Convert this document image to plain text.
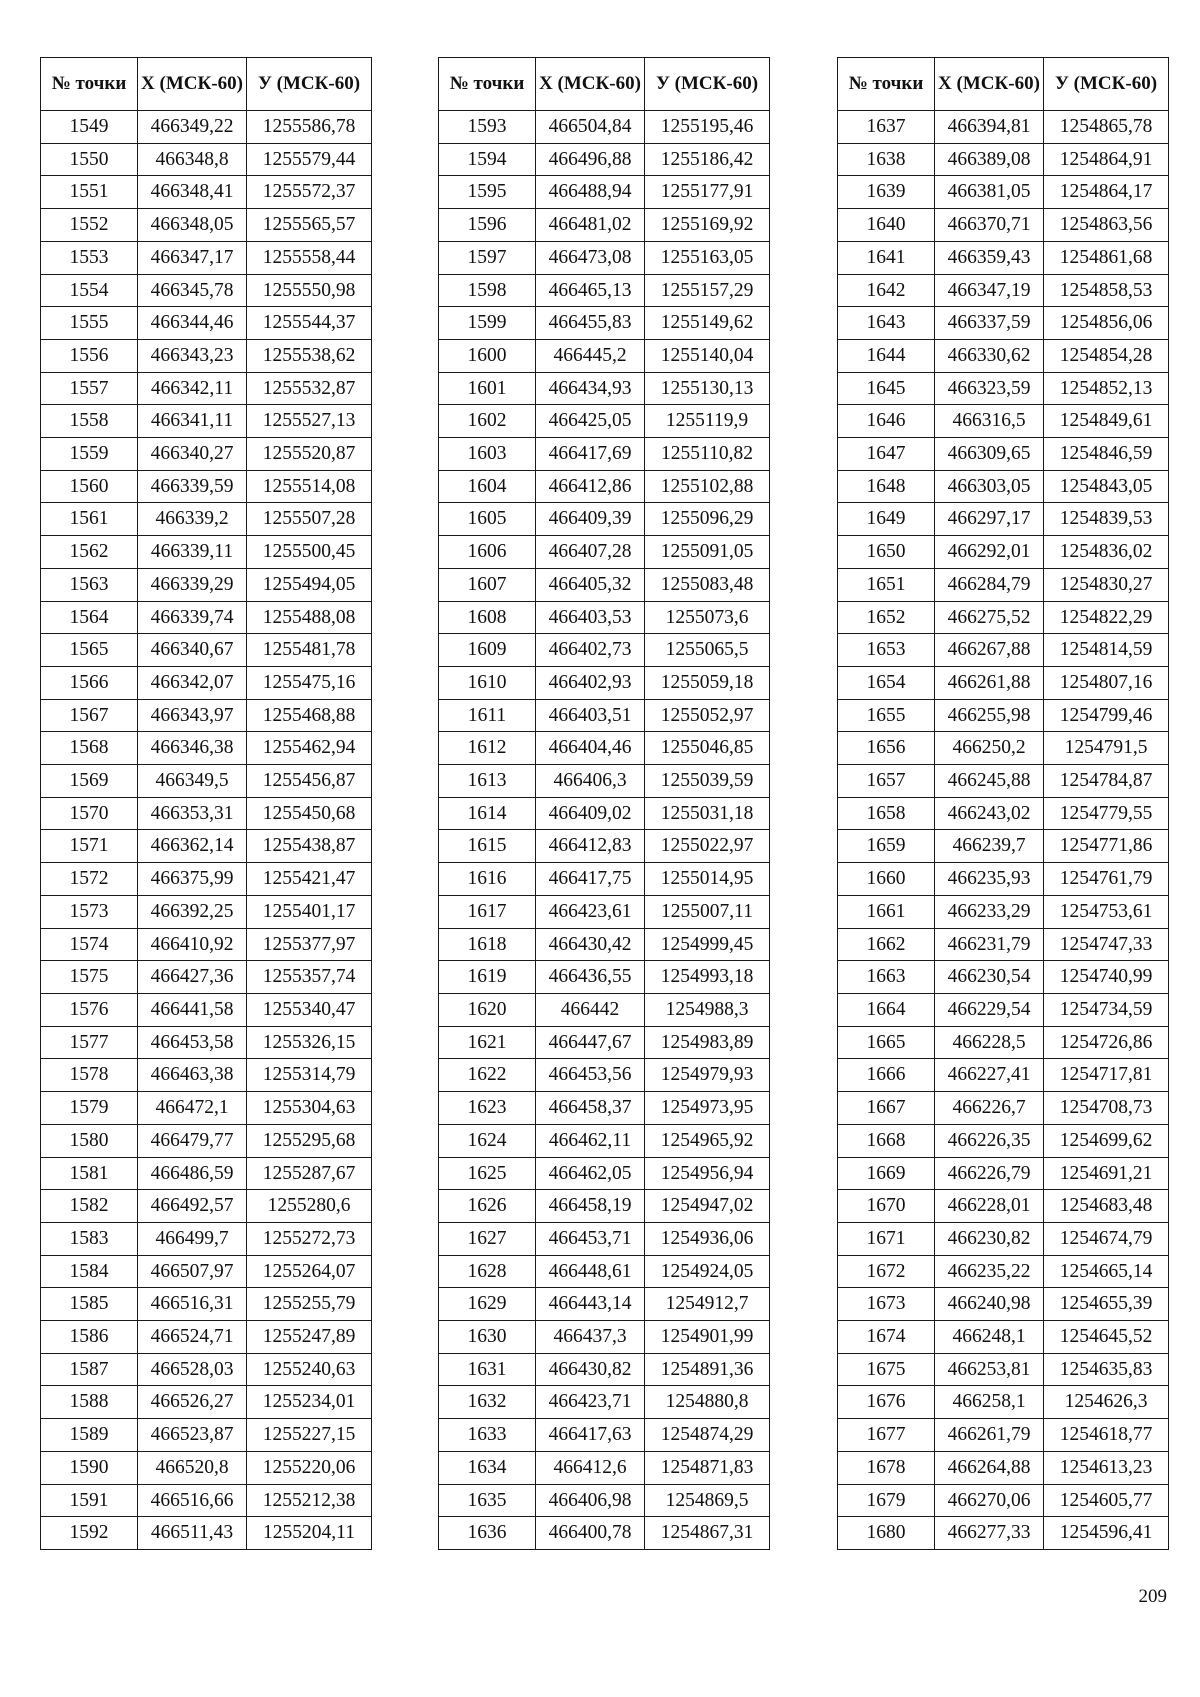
№ точки	X (МСК-60)	У (МСК-60)
1549	466349,22	1255586,78
1550	466348,8	1255579,44
1551	466348,41	1255572,37
1552	466348,05	1255565,57
1553	466347,17	1255558,44
1554	466345,78	1255550,98
1555	466344,46	1255544,37
1556	466343,23	1255538,62
1557	466342,11	1255532,87
1558	466341,11	1255527,13
1559	466340,27	1255520,87
1560	466339,59	1255514,08
1561	466339,2	1255507,28
1562	466339,11	1255500,45
1563	466339,29	1255494,05
1564	466339,74	1255488,08
1565	466340,67	1255481,78
1566	466342,07	1255475,16
1567	466343,97	1255468,88
1568	466346,38	1255462,94
1569	466349,5	1255456,87
1570	466353,31	1255450,68
1571	466362,14	1255438,87
1572	466375,99	1255421,47
1573	466392,25	1255401,17
1574	466410,92	1255377,97
1575	466427,36	1255357,74
1576	466441,58	1255340,47
1577	466453,58	1255326,15
1578	466463,38	1255314,79
1579	466472,1	1255304,63
1580	466479,77	1255295,68
1581	466486,59	1255287,67
1582	466492,57	1255280,6
1583	466499,7	1255272,73
1584	466507,97	1255264,07
1585	466516,31	1255255,79
1586	466524,71	1255247,89
1587	466528,03	1255240,63
1588	466526,27	1255234,01
1589	466523,87	1255227,15
1590	466520,8	1255220,06
1591	466516,66	1255212,38
1592	466511,43	1255204,11
№ точки	X (МСК-60)	У (МСК-60)
1593	466504,84	1255195,46
1594	466496,88	1255186,42
1595	466488,94	1255177,91
1596	466481,02	1255169,92
1597	466473,08	1255163,05
1598	466465,13	1255157,29
1599	466455,83	1255149,62
1600	466445,2	1255140,04
1601	466434,93	1255130,13
1602	466425,05	1255119,9
1603	466417,69	1255110,82
1604	466412,86	1255102,88
1605	466409,39	1255096,29
1606	466407,28	1255091,05
1607	466405,32	1255083,48
1608	466403,53	1255073,6
1609	466402,73	1255065,5
1610	466402,93	1255059,18
1611	466403,51	1255052,97
1612	466404,46	1255046,85
1613	466406,3	1255039,59
1614	466409,02	1255031,18
1615	466412,83	1255022,97
1616	466417,75	1255014,95
1617	466423,61	1255007,11
1618	466430,42	1254999,45
1619	466436,55	1254993,18
1620	466442	1254988,3
1621	466447,67	1254983,89
1622	466453,56	1254979,93
1623	466458,37	1254973,95
1624	466462,11	1254965,92
1625	466462,05	1254956,94
1626	466458,19	1254947,02
1627	466453,71	1254936,06
1628	466448,61	1254924,05
1629	466443,14	1254912,7
1630	466437,3	1254901,99
1631	466430,82	1254891,36
1632	466423,71	1254880,8
1633	466417,63	1254874,29
1634	466412,6	1254871,83
1635	466406,98	1254869,5
1636	466400,78	1254867,31
№ точки	X (МСК-60)	У (МСК-60)
1637	466394,81	1254865,78
1638	466389,08	1254864,91
1639	466381,05	1254864,17
1640	466370,71	1254863,56
1641	466359,43	1254861,68
1642	466347,19	1254858,53
1643	466337,59	1254856,06
1644	466330,62	1254854,28
1645	466323,59	1254852,13
1646	466316,5	1254849,61
1647	466309,65	1254846,59
1648	466303,05	1254843,05
1649	466297,17	1254839,53
1650	466292,01	1254836,02
1651	466284,79	1254830,27
1652	466275,52	1254822,29
1653	466267,88	1254814,59
1654	466261,88	1254807,16
1655	466255,98	1254799,46
1656	466250,2	1254791,5
1657	466245,88	1254784,87
1658	466243,02	1254779,55
1659	466239,7	1254771,86
1660	466235,93	1254761,79
1661	466233,29	1254753,61
1662	466231,79	1254747,33
1663	466230,54	1254740,99
1664	466229,54	1254734,59
1665	466228,5	1254726,86
1666	466227,41	1254717,81
1667	466226,7	1254708,73
1668	466226,35	1254699,62
1669	466226,79	1254691,21
1670	466228,01	1254683,48
1671	466230,82	1254674,79
1672	466235,22	1254665,14
1673	466240,98	1254655,39
1674	466248,1	1254645,52
1675	466253,81	1254635,83
1676	466258,1	1254626,3
1677	466261,79	1254618,77
1678	466264,88	1254613,23
1679	466270,06	1254605,77
1680	466277,33	1254596,41
209
